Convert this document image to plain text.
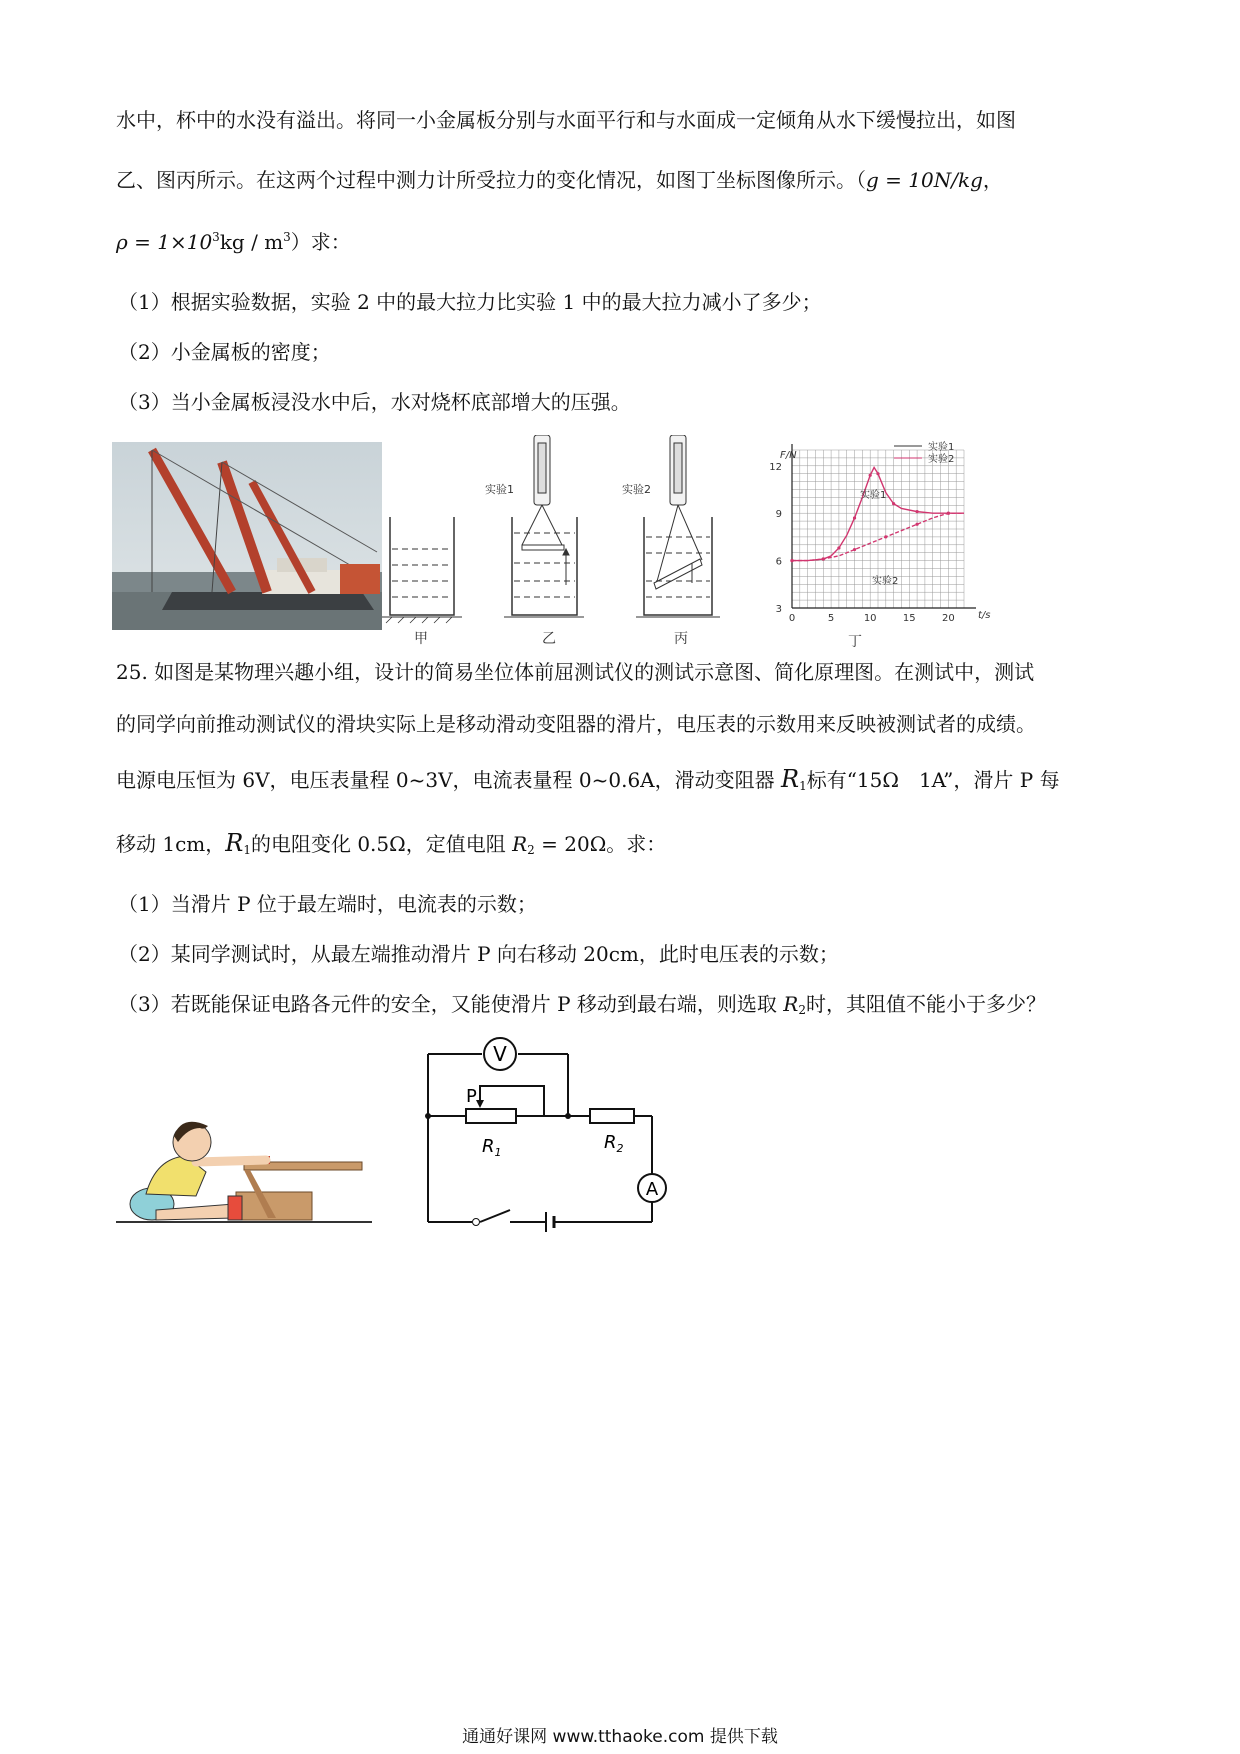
水中，杯中的水没有溢出。将同一小金属板分别与水面平行和与水面成一定倾角从水下缓慢拉出，如图
乙、图丙所示。在这两个过程中测力计所受拉力的变化情况，如图丁坐标图像所示。（g = 10N/kg，
$\rho = 1\times 10^3kg / m^3$）求：
（1）根据实验数据，实验 2 中的最大拉力比实验 1 中的最大拉力减小了多少；
（2）小金属板的密度；
（3）当小金属板浸没水中后，水对烧杯底部增大的压强。
甲
实验1
乙
实验2
丙
0	5	10	15	20
3
6
9
12
F/N
t/s
实验1
实验2
实验1
实验2
丁
25. 如图是某物理兴趣小组，设计的简易坐位体前屈测试仪的测试示意图、简化原理图。在测试中，测试
的同学向前推动测试仪的滑块实际上是移动滑动变阻器的滑片，电压表的示数用来反映被测试者的成绩。
电源电压恒为 6V，电压表量程 0~3V，电流表量程 0~0.6A，滑动变阻器 $R_1$标有“15Ω　1A”，滑片 P 每
移动 1cm，$R_1$的电阻变化 0.5Ω，定值电阻 $R_2 = 20\Omega$。求：
（1）当滑片 P 位于最左端时，电流表的示数；
（2）某同学测试时，从最左端推动滑片 P 向右移动 20cm，此时电压表的示数；
（3）若既能保证电路各元件的安全，又能使滑片 P 移动到最右端，则选取 $R_2$时，其阻值不能小于多少？
V
A
P
$R_1$	$R_2$
通通好课网 www.tthaoke.com 提供下载
